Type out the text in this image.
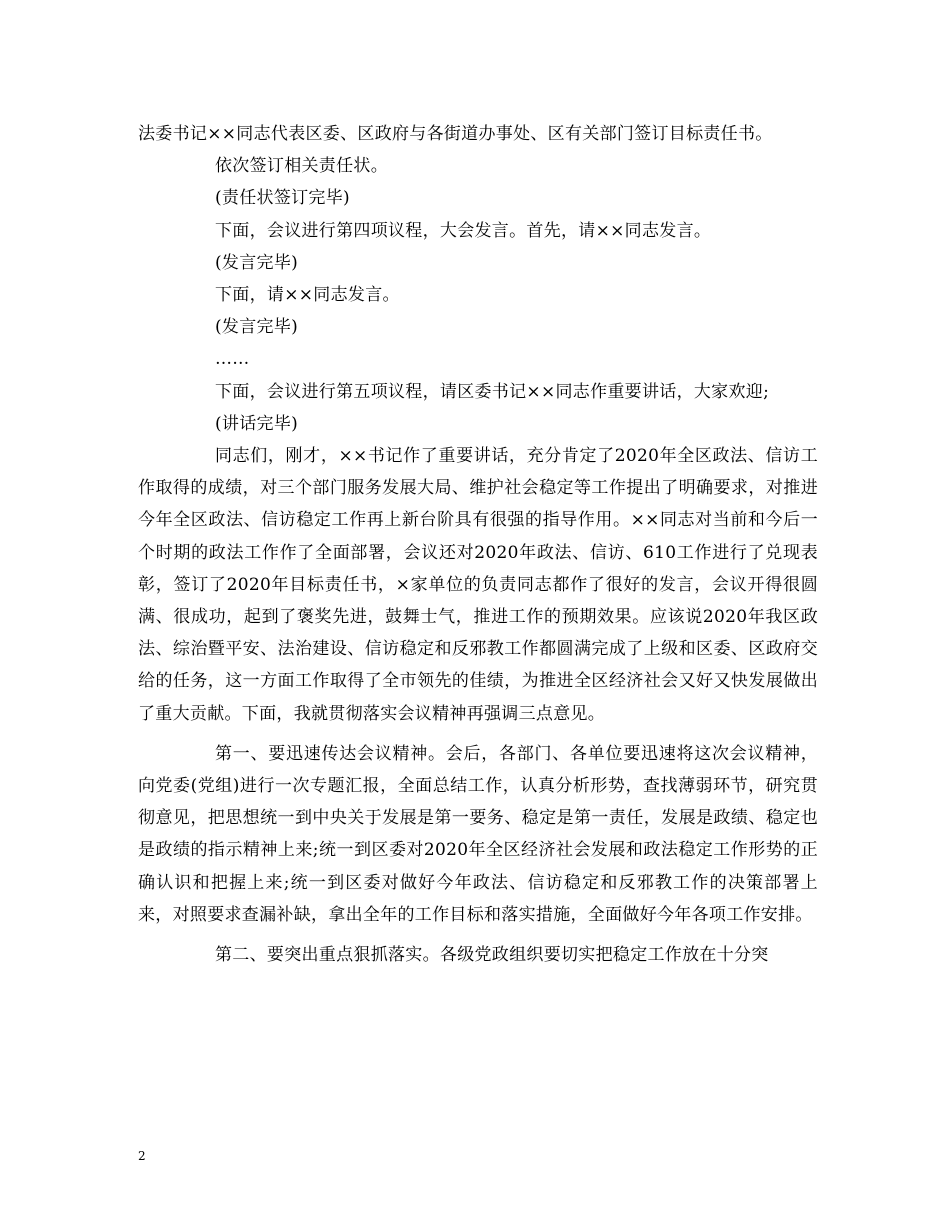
法委书记××同志代表区委、区政府与各街道办事处、区有关部门签订目标责任书。

依次签订相关责任状。

(责任状签订完毕)

下面，会议进行第四项议程，大会发言。首先，请××同志发言。

(发言完毕)

下面，请××同志发言。

(发言完毕)

……

下面，会议进行第五项议程，请区委书记××同志作重要讲话，大家欢迎;

(讲话完毕)

同志们，刚才，××书记作了重要讲话，充分肯定了2020年全区政法、信访工作取得的成绩，对三个部门服务发展大局、维护社会稳定等工作提出了明确要求，对推进今年全区政法、信访稳定工作再上新台阶具有很强的指导作用。××同志对当前和今后一个时期的政法工作作了全面部署，会议还对2020年政法、信访、610工作进行了兑现表彰，签订了2020年目标责任书，×家单位的负责同志都作了很好的发言，会议开得很圆满、很成功，起到了褒奖先进，鼓舞士气，推进工作的预期效果。应该说2020年我区政法、综治暨平安、法治建设、信访稳定和反邪教工作都圆满完成了上级和区委、区政府交给的任务，这一方面工作取得了全市领先的佳绩，为推进全区经济社会又好又快发展做出了重大贡献。下面，我就贯彻落实会议精神再强调三点意见。

第一、要迅速传达会议精神。会后，各部门、各单位要迅速将这次会议精神，向党委(党组)进行一次专题汇报，全面总结工作，认真分析形势，查找薄弱环节，研究贯彻意见，把思想统一到中央关于发展是第一要务、稳定是第一责任，发展是政绩、稳定也是政绩的指示精神上来;统一到区委对2020年全区经济社会发展和政法稳定工作形势的正确认识和把握上来;统一到区委对做好今年政法、信访稳定和反邪教工作的决策部署上来，对照要求查漏补缺，拿出全年的工作目标和落实措施，全面做好今年各项工作安排。

第二、要突出重点狠抓落实。各级党政组织要切实把稳定工作放在十分突

2
